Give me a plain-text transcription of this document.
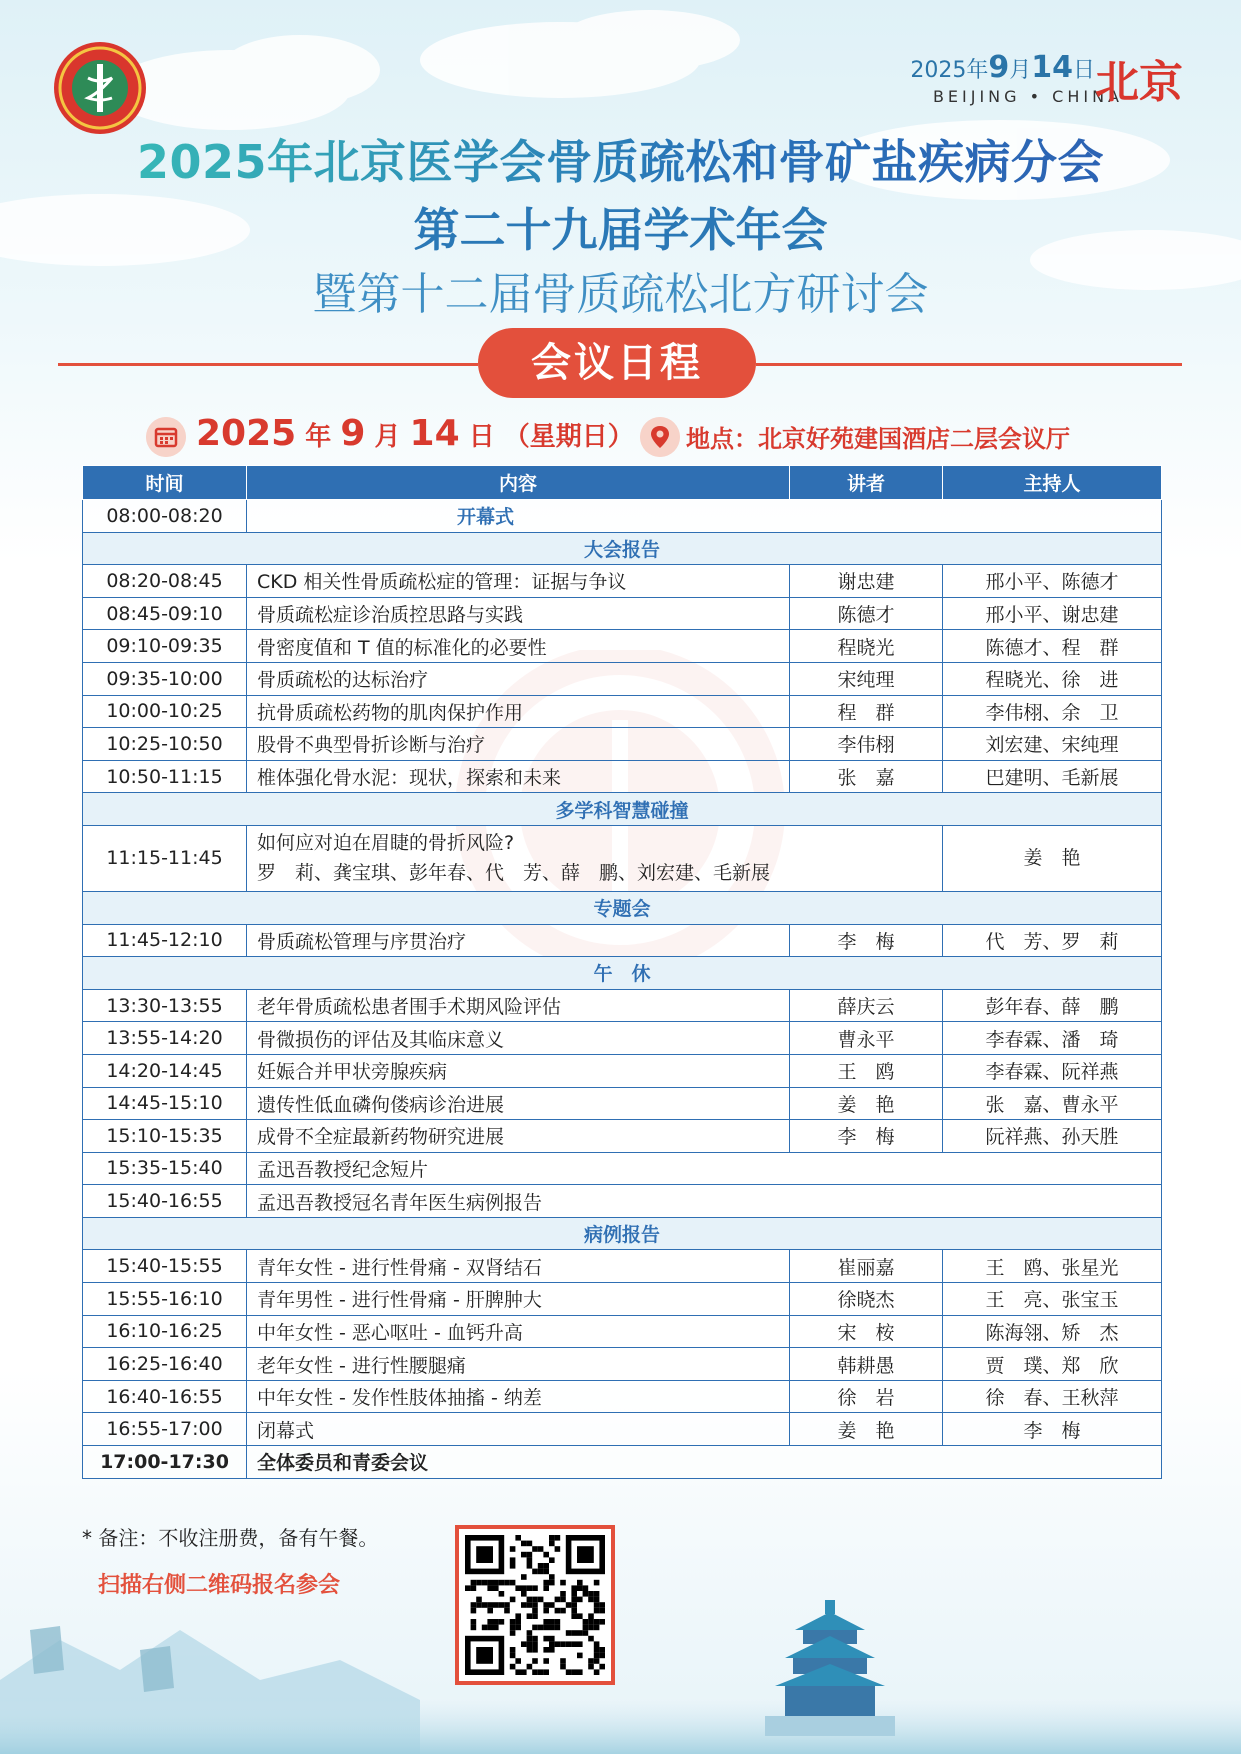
2025年9月14日
BEIJING • CHINA
北京
2025年北京医学会骨质疏松和骨矿盐疾病分会
第二十九届学术年会
暨第十二届骨质疏松北方研讨会
会议日程
2025 年 9 月 14 日 （星期日） 地点：北京好苑建国酒店二层会议厅
时间	内容	讲者	主持人
08:00-08:20	开幕式		
大会报告			
08:20-08:45	CKD 相关性骨质疏松症的管理：证据与争议	谢忠建	邢小平、陈德才
08:45-09:10	骨质疏松症诊治质控思路与实践	陈德才	邢小平、谢忠建
09:10-09:35	骨密度值和 T 值的标准化的必要性	程晓光	陈德才、程　群
09:35-10:00	骨质疏松的达标治疗	宋纯理	程晓光、徐　进
10:00-10:25	抗骨质疏松药物的肌肉保护作用	程　群	李伟栩、余　卫
10:25-10:50	股骨不典型骨折诊断与治疗	李伟栩	刘宏建、宋纯理
10:50-11:15	椎体强化骨水泥：现状，探索和未来	张　嘉	巴建明、毛新展
多学科智慧碰撞			
11:15-11:45	如何应对迫在眉睫的骨折风险?
罗　莉、龚宝琪、彭年春、代　芳、薛　鹏、刘宏建、毛新展		姜　艳
专题会			
11:45-12:10	骨质疏松管理与序贯治疗	李　梅	代　芳、罗　莉
午　休			
13:30-13:55	老年骨质疏松患者围手术期风险评估	薛庆云	彭年春、薛　鹏
13:55-14:20	骨微损伤的评估及其临床意义	曹永平	李春霖、潘　琦
14:20-14:45	妊娠合并甲状旁腺疾病	王　鸥	李春霖、阮祥燕
14:45-15:10	遗传性低血磷佝偻病诊治进展	姜　艳	张　嘉、曹永平
15:10-15:35	成骨不全症最新药物研究进展	李　梅	阮祥燕、孙天胜
15:35-15:40	孟迅吾教授纪念短片		
15:40-16:55	孟迅吾教授冠名青年医生病例报告		
病例报告			
15:40-15:55	青年女性 - 进行性骨痛 - 双肾结石	崔丽嘉	王　鸥、张星光
15:55-16:10	青年男性 - 进行性骨痛 - 肝脾肿大	徐晓杰	王　亮、张宝玉
16:10-16:25	中年女性 - 恶心呕吐 - 血钙升高	宋　桉	陈海翎、矫　杰
16:25-16:40	老年女性 - 进行性腰腿痛	韩耕愚	贾　璞、郑　欣
16:40-16:55	中年女性 - 发作性肢体抽搐 - 纳差	徐　岩	徐　春、王秋萍
16:55-17:00	闭幕式	姜　艳	李　梅
17:00-17:30	全体委员和青委会议		
* 备注：不收注册费，备有午餐。
扫描右侧二维码报名参会
